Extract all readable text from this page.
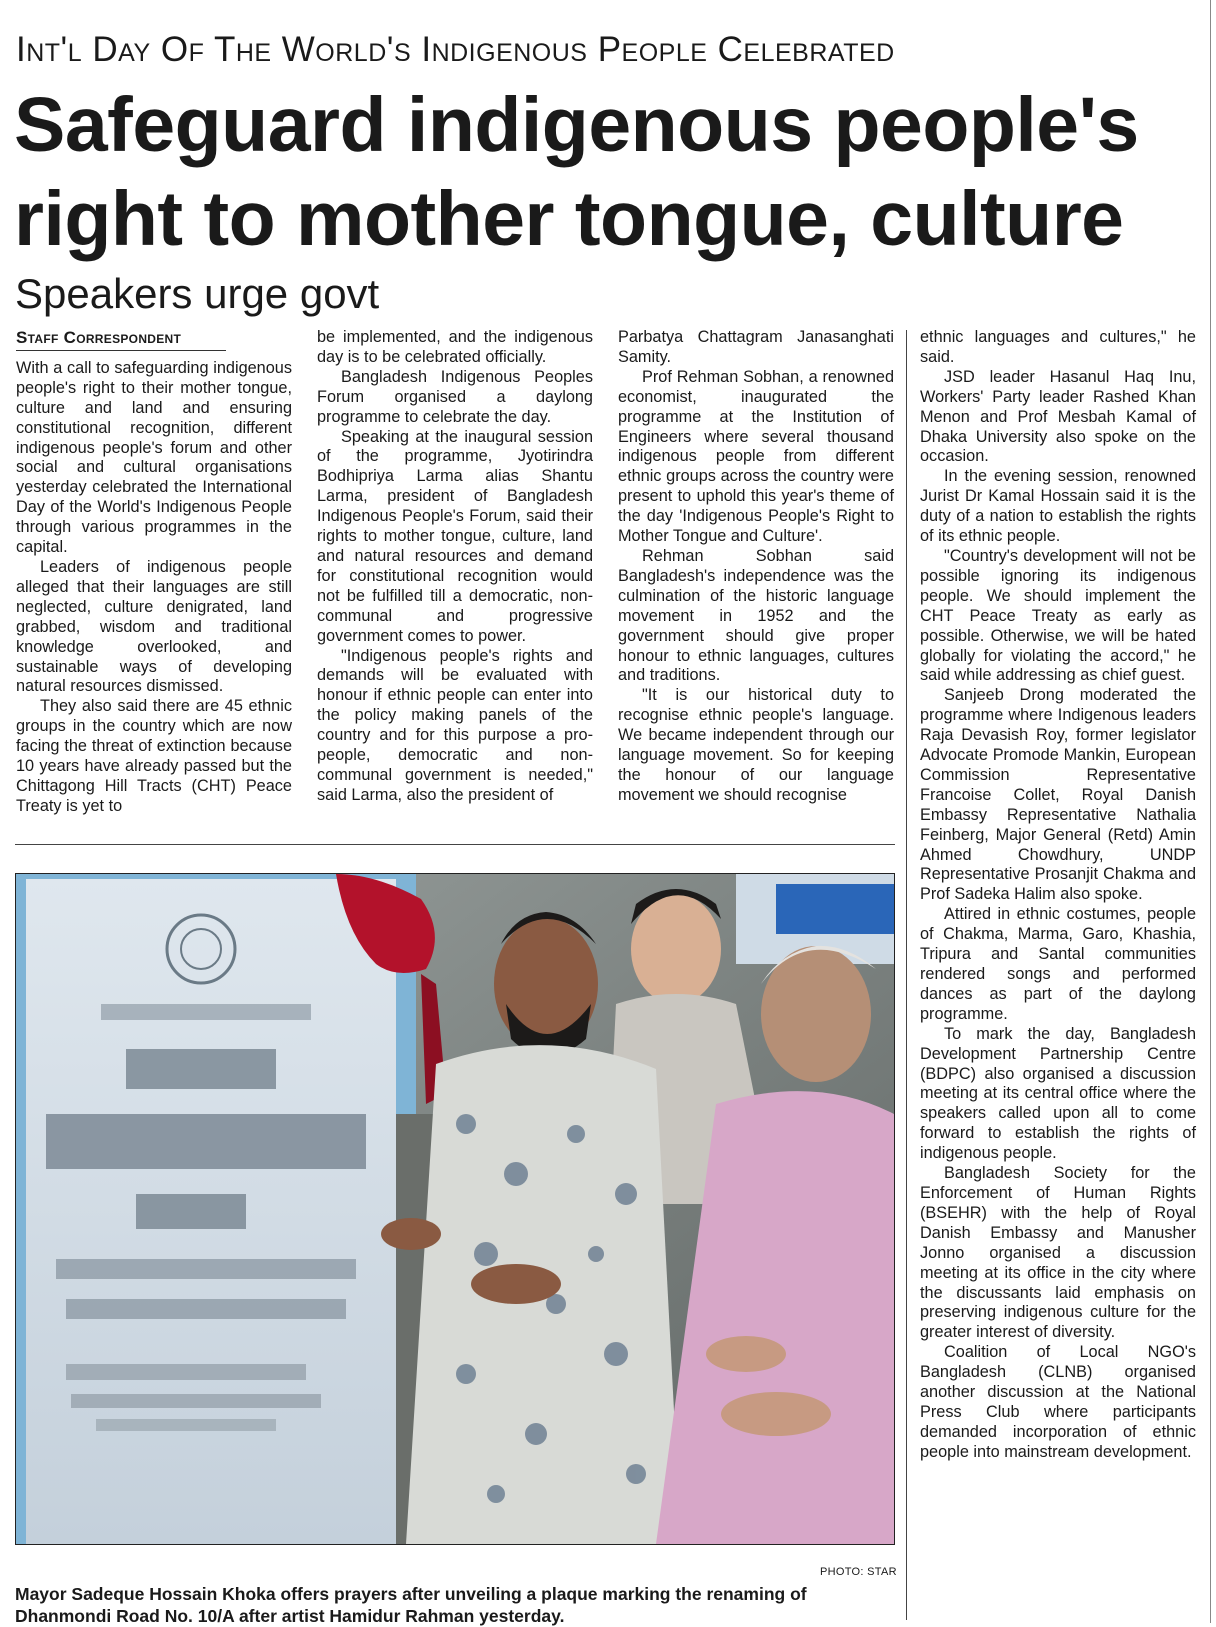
Int'l Day Of The World's Indigenous People Celebrated
Safeguard indigenous people's right to mother tongue, culture
Speakers urge govt
Staff Correspondent

With a call to safeguarding indigenous people's right to their mother tongue, culture and land and ensuring constitutional recognition, different indigenous people's forum and other social and cultural organisations yesterday celebrated the International Day of the World's Indigenous People through various programmes in the capital.

Leaders of indigenous people alleged that their languages are still neglected, culture denigrated, land grabbed, wisdom and traditional knowledge overlooked, and sustainable ways of developing natural resources dismissed.

They also said there are 45 ethnic groups in the country which are now facing the threat of extinction because 10 years have already passed but the Chittagong Hill Tracts (CHT) Peace Treaty is yet to

be implemented, and the indigenous day is to be celebrated officially.

Bangladesh Indigenous Peoples Forum organised a daylong programme to celebrate the day.

Speaking at the inaugural session of the programme, Jyotirindra Bodhipriya Larma alias Shantu Larma, president of Bangladesh Indigenous People's Forum, said their rights to mother tongue, culture, land and natural resources and demand for constitutional recognition would not be fulfilled till a democratic, non-communal and progressive government comes to power.

"Indigenous people's rights and demands will be evaluated with honour if ethnic people can enter into the policy making panels of the country and for this purpose a pro-people, democratic and non-communal government is needed," said Larma, also the president of

Parbatya Chattagram Janasanghati Samity.

Prof Rehman Sobhan, a renowned economist, inaugurated the programme at the Institution of Engineers where several thousand indigenous people from different ethnic groups across the country were present to uphold this year's theme of the day 'Indigenous People's Right to Mother Tongue and Culture'.

Rehman Sobhan said Bangladesh's independence was the culmination of the historic language movement in 1952 and the government should give proper honour to ethnic languages, cultures and traditions.

"It is our historical duty to recognise ethnic people's language. We became independent through our language movement. So for keeping the honour of our language movement we should recognise

ethnic languages and cultures," he said.

JSD leader Hasanul Haq Inu, Workers' Party leader Rashed Khan Menon and Prof Mesbah Kamal of Dhaka University also spoke on the occasion.

In the evening session, renowned Jurist Dr Kamal Hossain said it is the duty of a nation to establish the rights of its ethnic people.

"Country's development will not be possible ignoring its indigenous people. We should implement the CHT Peace Treaty as early as possible. Otherwise, we will be hated globally for violating the accord," he said while addressing as chief guest.

Sanjeeb Drong moderated the programme where Indigenous leaders Raja Devasish Roy, former legislator Advocate Promode Mankin, European Commission Representative Francoise Collet, Royal Danish Embassy Representative Nathalia Feinberg, Major General (Retd) Amin Ahmed Chowdhury, UNDP Representative Prosanjit Chakma and Prof Sadeka Halim also spoke.

Attired in ethnic costumes, people of Chakma, Marma, Garo, Khashia, Tripura and Santal communities rendered songs and performed dances as part of the daylong programme.

To mark the day, Bangladesh Development Partnership Centre (BDPC) also organised a discussion meeting at its central office where the speakers called upon all to come forward to establish the rights of indigenous people.

Bangladesh Society for the Enforcement of Human Rights (BSEHR) with the help of Royal Danish Embassy and Manusher Jonno organised a discussion meeting at its office in the city where the discussants laid emphasis on preserving indigenous culture for the greater interest of diversity.

Coalition of Local NGO's Bangladesh (CLNB) organised another discussion at the National Press Club where participants demanded incorporation of ethnic people into mainstream development.

PHOTO: STAR
Mayor Sadeque Hossain Khoka offers prayers after unveiling a plaque marking the renaming of Dhanmondi Road No. 10/A after artist Hamidur Rahman yesterday.
